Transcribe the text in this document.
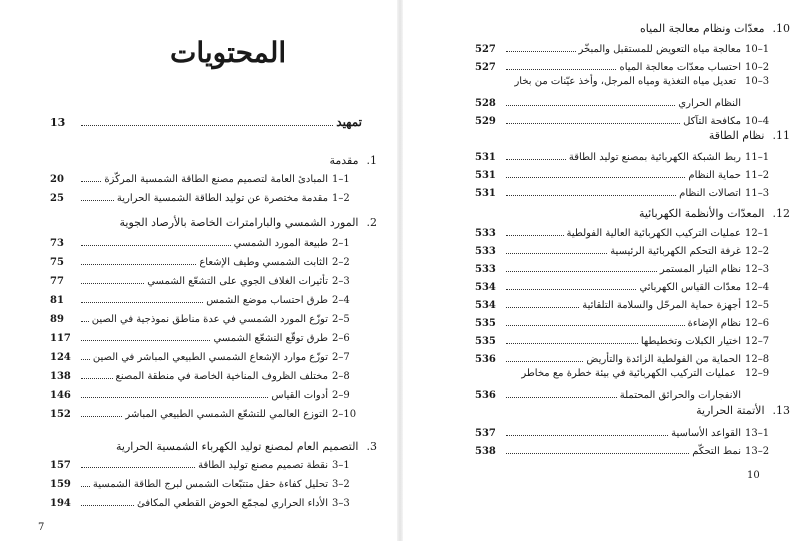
المحتويات
13	تمهيد
.1مقدمة
20	المبادئ العامة لتصميم مصنع الطاقة الشمسية المركّزة 1–1
25	مقدمة مختصرة عن توليد الطاقة الشمسية الحرارية 1–2
.2المورد الشمسي والبارامترات الخاصة بالأرصاد الجوية
73	طبيعة المورد الشمسي 2–1
75	الثابت الشمسي وطيف الإشعاع 2–2
77	تأثيرات الغلاف الجوي على التشعّع الشمسي 2–3
81	طرق احتساب موضع الشمس 2–4
89	توزّع المورد الشمسي في عدة مناطق نموذجية في الصين 2–5
117	طرق توقّع التشعّع الشمسي 2–6
124	توزّع موارد الإشعاع الشمسي الطبيعي المباشر في الصين 2–7
138	مختلف الظروف المناخية الخاصة في منطقة المصنع 2–8
146	أدوات القياس 2–9
152	التوزع العالمي للتشعّع الشمسي الطبيعي المباشر 2–10
.3التصميم العام لمصنع توليد الكهرباء الشمسية الحرارية
157	نقطة تصميم مصنع توليد الطاقة 3–1
159	تحليل كفاءة حقل متتبّعات الشمس لبرج الطاقة الشمسية 3–2
194	الأداء الحراري لمجمّع الحوض القطعي المكافئ 3–3
7
.10معدّات ونظام معالجة المياه
527	معالجة مياه التعويض للمستقبل والمبخّر 10–1
527	احتساب معدّات معالجة المياه 10–2
تعديل مياه التغذية ومياه المرجل، وأخذ عيّنات من بخار 10–3
528	النظام الحراري
529	مكافحة التآكل 10–4
.11نظام الطاقة
531	ربط الشبكة الكهربائية بمصنع توليد الطاقة 11–1
531	حماية النظام 11–2
531	اتصالات النظام 11–3
.12المعدّات والأنظمة الكهربائية
533	عمليات التركيب الكهربائية العالية الفولطية 12–1
533	غرفة التحكم الكهربائية الرئيسية 12–2
533	نظام التيار المستمر 12–3
534	معدّات القياس الكهربائي 12–4
534	أجهزة حماية المرحّل والسلامة التلقائية 12–5
535	نظام الإضاءة 12–6
535	اختيار الكبلات وتخطيطها 12–7
536	الحماية من الفولطية الزائدة والتأريض 12–8
عمليات التركيب الكهربائية في بيئة خطرة مع مخاطر 12–9
536	الانفجارات والحرائق المحتملة
.13الأتمتة الحرارية
537	القواعد الأساسية 13–1
538	نمط التحكّم 13–2
10
